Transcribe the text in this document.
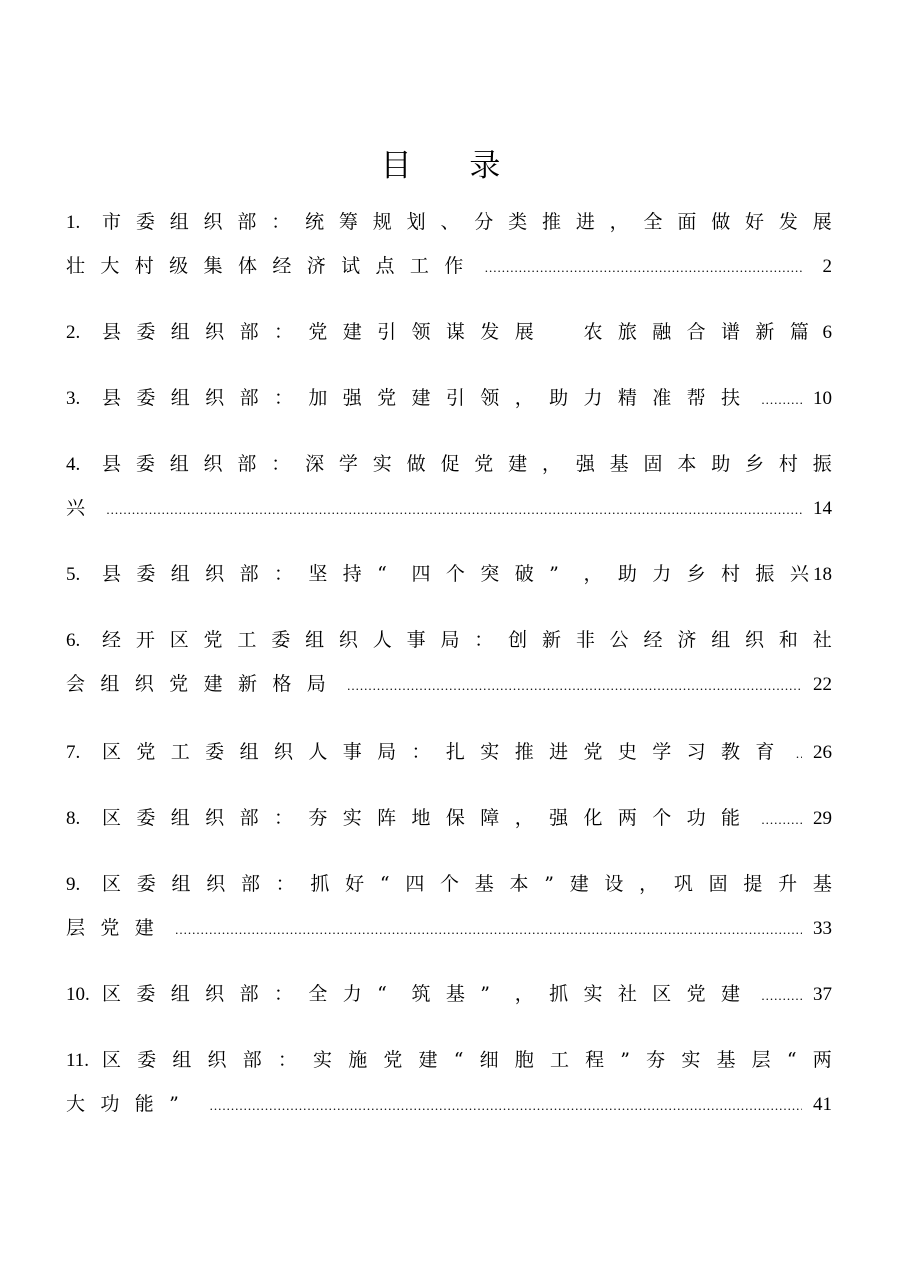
目 录
1.	市 委 组 织 部 ： 统 筹 规 划 、 分 类 推 进 ， 全 面 做 好 发 展
壮 大 村 级 集 体 经 济 试 点 工 作 .....	2
2.	县 委 组 织 部 ： 党 建 引 领 谋 发 展
	农 旅 融 合 谱 新 篇 6
3.	县 委 组 织 部 ： 加 强 党 建 引 领 ， 助 力 精 准 帮 扶 .....	10
4.	县 委 组 织 部 ： 深 学 实 做 促 党 建 ， 强 基 固 本 助 乡 村 振
兴 .....	14
5.	县 委 组 织 部 ： 坚 持 “	四 个 突 破 ”	， 助 力 乡 村 振 兴 18
6.	经 开 区 党 工 委 组 织 人 事 局 ： 创 新 非 公 经 济 组 织 和 社
会 组 织 党 建 新 格 局 .....	22
7.	区 党 工 委 组 织 人 事 局 ： 扎 实 推 进 党 史 学 习 教 育 .....	26
8.	区 委 组 织 部 ： 夯 实 阵 地 保 障 ， 强 化 两 个 功 能 .....	29
9.	区 委 组 织 部 ： 抓 好 “ 四 个 基 本 ” 建 设 ， 巩 固 提 升 基
层 党 建 .....	33
10. 区 委 组 织 部 ： 全 力 “	筑 基 ”	， 抓 实 社 区 党 建 .....	37
11. 区 委 组 织 部 ： 实 施 党 建 “ 细 胞 工 程 ” 夯 实 基 层 “ 两
大 功 能 ” .....	41
